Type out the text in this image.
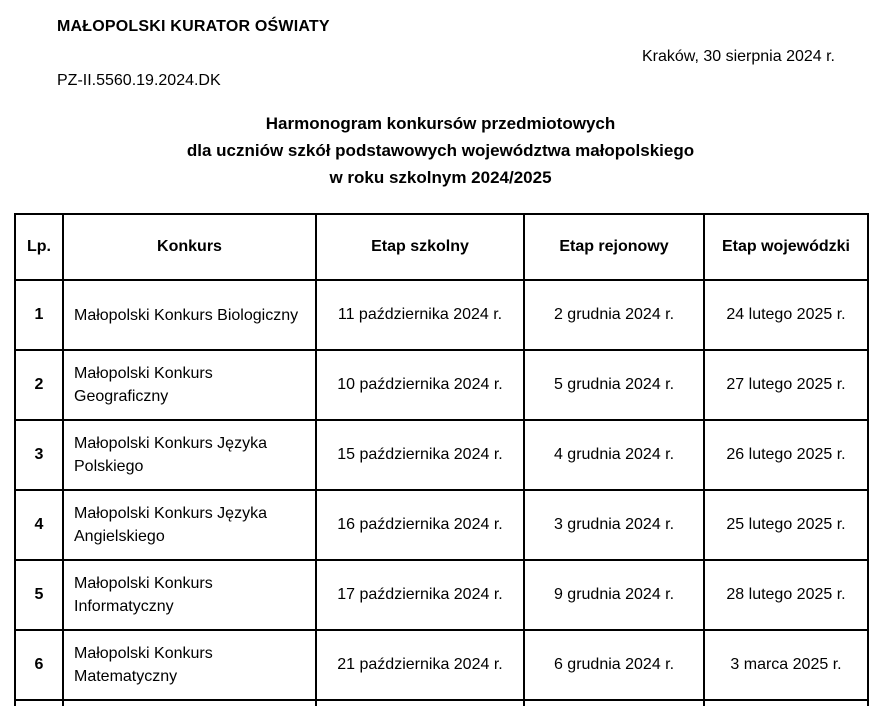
MAŁOPOLSKI KURATOR OŚWIATY
Kraków, 30 sierpnia 2024 r.
PZ-II.5560.19.2024.DK
Harmonogram konkursów przedmiotowych
dla uczniów szkół podstawowych województwa małopolskiego
w roku szkolnym 2024/2025
Lp.	Konkurs	Etap szkolny	Etap rejonowy	Etap wojewódzki
1	Małopolski Konkurs Biologiczny	11 października 2024 r.	2 grudnia 2024 r.	24 lutego 2025 r.
2	Małopolski Konkurs Geograficzny	10 października 2024 r.	5 grudnia 2024 r.	27 lutego 2025 r.
3	Małopolski Konkurs Języka Polskiego	15 października 2024 r.	4 grudnia 2024 r.	26 lutego 2025 r.
4	Małopolski Konkurs Języka Angielskiego	16 października 2024 r.	3 grudnia 2024 r.	25 lutego 2025 r.
5	Małopolski Konkurs Informatyczny	17 października 2024 r.	9 grudnia 2024 r.	28 lutego 2025 r.
6	Małopolski Konkurs Matematyczny	21 października 2024 r.	6 grudnia 2024 r.	3 marca 2025 r.
